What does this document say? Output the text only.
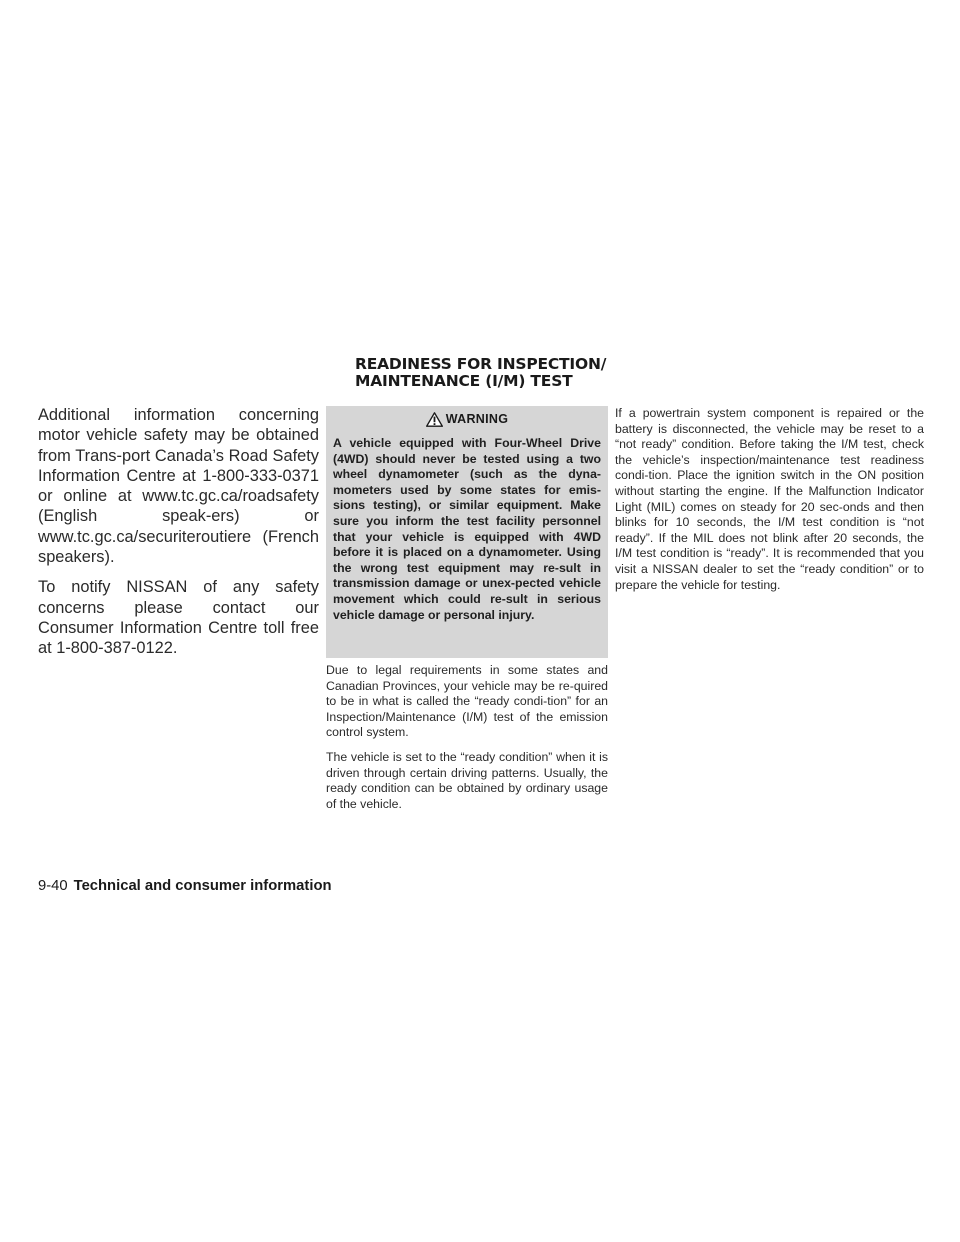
READINESS FOR INSPECTION/
MAINTENANCE (I/M) TEST

Additional information concerning motor vehicle safety may be obtained from Trans-port Canada’s Road Safety Information Centre at 1-800-333-0371 or online at www.tc.gc.ca/roadsafety (English speak-ers) or www.tc.gc.ca/securiteroutiere (French speakers).

To notify NISSAN of any safety concerns please contact our Consumer Information Centre toll free at 1-800-387-0122.

WARNING

A vehicle equipped with Four-Wheel Drive (4WD) should never be tested using a two wheel dynamometer (such as the dyna-mometers used by some states for emis-sions testing), or similar equipment. Make sure you inform the test facility personnel that your vehicle is equipped with 4WD before it is placed on a dynamometer. Using the wrong test equipment may re-sult in transmission damage or unex-pected vehicle movement which could re-sult in serious vehicle damage or personal injury.

Due to legal requirements in some states and Canadian Provinces, your vehicle may be re-quired to be in what is called the “ready condi-tion” for an Inspection/Maintenance (I/M) test of the emission control system.

The vehicle is set to the “ready condition” when it is driven through certain driving patterns. Usually, the ready condition can be obtained by ordinary usage of the vehicle.

If a powertrain system component is repaired or the battery is disconnected, the vehicle may be reset to a “not ready” condition. Before taking the I/M test, check the vehicle’s inspection/maintenance test readiness condi-tion. Place the ignition switch in the ON position without starting the engine. If the Malfunction Indicator Light (MIL) comes on steady for 20 sec-onds and then blinks for 10 seconds, the I/M test condition is “not ready”. If the MIL does not blink after 20 seconds, the I/M test condition is “ready”. It is recommended that you visit a NISSAN dealer to set the “ready condition” or to prepare the vehicle for testing.

9-40 Technical and consumer information
